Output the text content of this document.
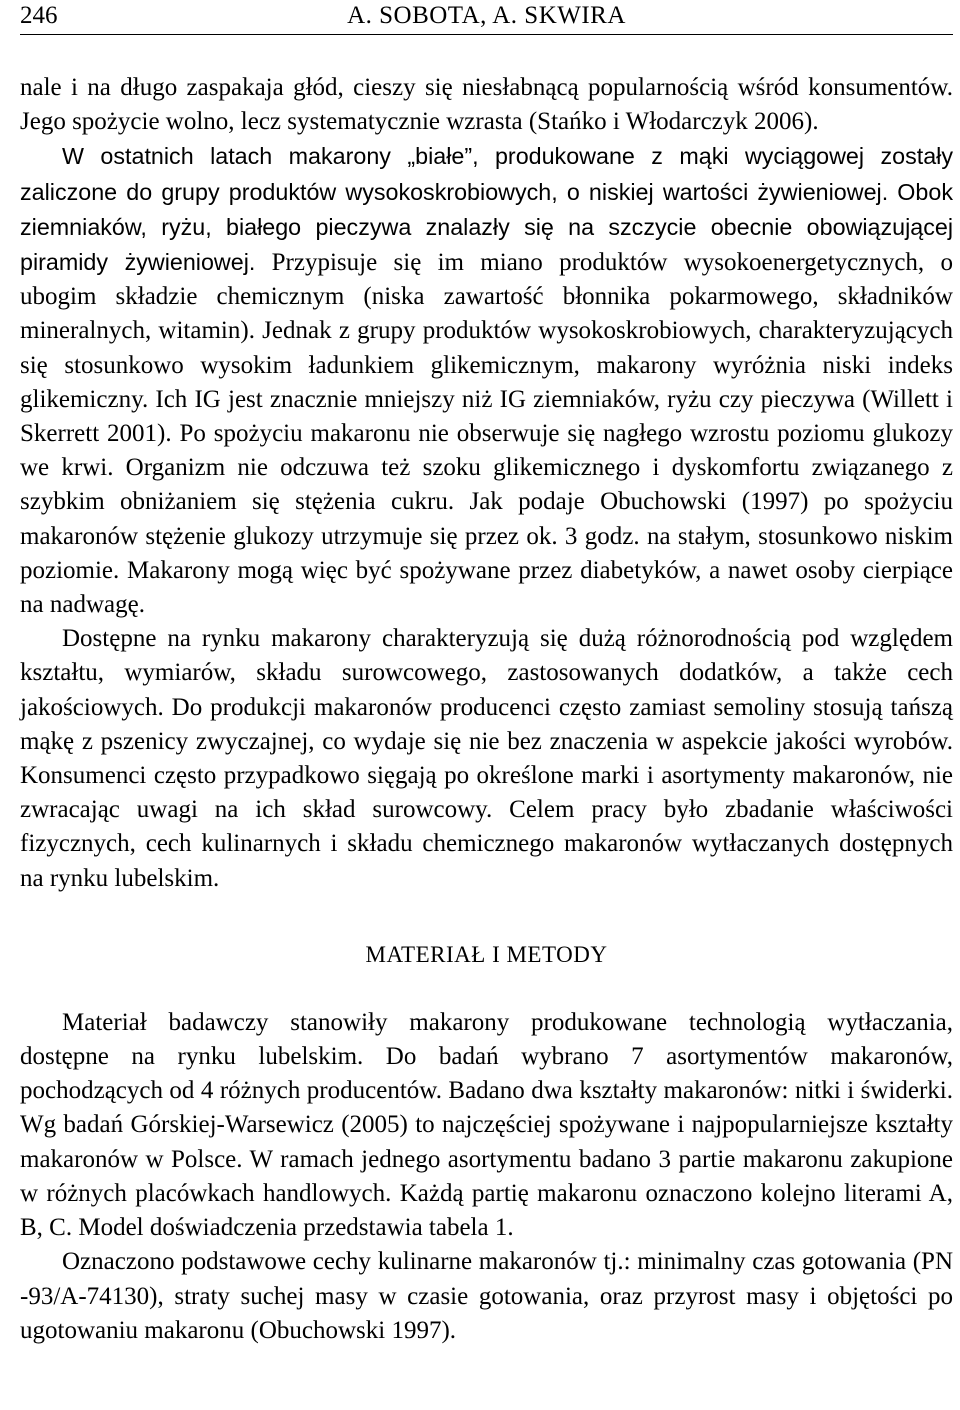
246	A. SOBOTA, A. SKWIRA

nale i na długo zaspakaja głód, cieszy się niesłabnącą popularnością wśród konsumentów. Jego spożycie wolno, lecz systematycznie wzrasta (Stańko i Włodarczyk 2006).

W ostatnich latach makarony „białe”, produkowane z mąki wyciągowej zostały zaliczone do grupy produktów wysokoskrobiowych, o niskiej wartości żywieniowej. Obok ziemniaków, ryżu, białego pieczywa znalazły się na szczycie obecnie obowiązującej piramidy żywieniowej. Przypisuje się im miano produktów wysokoenergetycznych, o ubogim składzie chemicznym (niska zawartość błonnika pokarmowego, składników mineralnych, witamin). Jednak z grupy produktów wysokoskrobiowych, charakteryzujących się stosunkowo wysokim ładunkiem glikemicznym, makarony wyróżnia niski indeks glikemiczny. Ich IG jest znacznie mniejszy niż IG ziemniaków, ryżu czy pieczywa (Willett i Skerrett 2001). Po spożyciu makaronu nie obserwuje się nagłego wzrostu poziomu glukozy we krwi. Organizm nie odczuwa też szoku glikemicznego i dyskomfortu związanego z szybkim obniżaniem się stężenia cukru. Jak podaje Obuchowski (1997) po spożyciu makaronów stężenie glukozy utrzymuje się przez ok. 3 godz. na stałym, stosunkowo niskim poziomie. Makarony mogą więc być spożywane przez diabetyków, a nawet osoby cierpiące na nadwagę.

Dostępne na rynku makarony charakteryzują się dużą różnorodnością pod względem kształtu, wymiarów, składu surowcowego, zastosowanych dodatków, a także cech jakościowych. Do produkcji makaronów producenci często zamiast semoliny stosują tańszą mąkę z pszenicy zwyczajnej, co wydaje się nie bez znaczenia w aspekcie jakości wyrobów. Konsumenci często przypadkowo sięgają po określone marki i asortymenty makaronów, nie zwracając uwagi na ich skład surowcowy. Celem pracy było zbadanie właściwości fizycznych, cech kulinarnych i składu chemicznego makaronów wytłaczanych dostępnych na rynku lubelskim.

MATERIAŁ I METODY

Materiał badawczy stanowiły makarony produkowane technologią wytłaczania, dostępne na rynku lubelskim. Do badań wybrano 7 asortymentów makaronów, pochodzących od 4 różnych producentów. Badano dwa kształty makaronów: nitki i świderki. Wg badań Górskiej-Warsewicz (2005) to najczęściej spożywane i najpopularniejsze kształty makaronów w Polsce. W ramach jednego asortymentu badano 3 partie makaronu zakupione w różnych placówkach handlowych. Każdą partię makaronu oznaczono kolejno literami A, B, C. Model doświadczenia przedstawia tabela 1.

Oznaczono podstawowe cechy kulinarne makaronów tj.: minimalny czas gotowania (PN -93/A-74130), straty suchej masy w czasie gotowania, oraz przyrost masy i objętości po ugotowaniu makaronu (Obuchowski 1997).
